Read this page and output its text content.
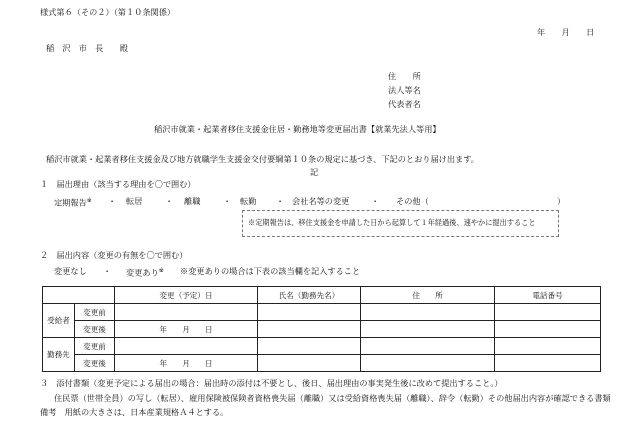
様式第６（その２）（第１０条関係）
年　　月　　日
稲　沢　市　長　　殿
住　　所
法人等名
代表者名
稲沢市就業・起業者移住支援金住居・勤務地等変更届出書【就業先法人等用】
稲沢市就業・起業者移住支援金及び地方就職学生支援金交付要綱第１０条の規定に基づき、下記のとおり届け出ます。
記
１　届出理由（該当する理由を〇で囲む）
定期報告※ ・ 転居	・ 離職	・ 転勤 ・ 会社名等の変更	・ その他（	）
※定期報告は、移住支援金を申請した日から起算して１年経過後、速やかに提出すること
２　届出内容（変更の有無を〇で囲む）
変更なし ・ 変更あり※ ※変更ありの場合は下表の該当欄を記入すること
		変更（予定）日	氏名（勤務先名）	住　　所	電話番号
受給者	変更前				
	変更後	年　　月　　日			
勤務先	変更前				
	変更後	年　　月　　日			
３　添付書類（変更予定による届出の場合：届出時の添付は不要とし、後日、届出理由の事実発生後に改めて提出すること。）
住民票（世帯全員）の写し（転居）、雇用保険被保険者資格喪失届（離職）又は受給資格喪失届（離職）、辞令（転勤）その他届出内容が確認できる書類
備考　用紙の大きさは、日本産業規格Ａ４とする。
